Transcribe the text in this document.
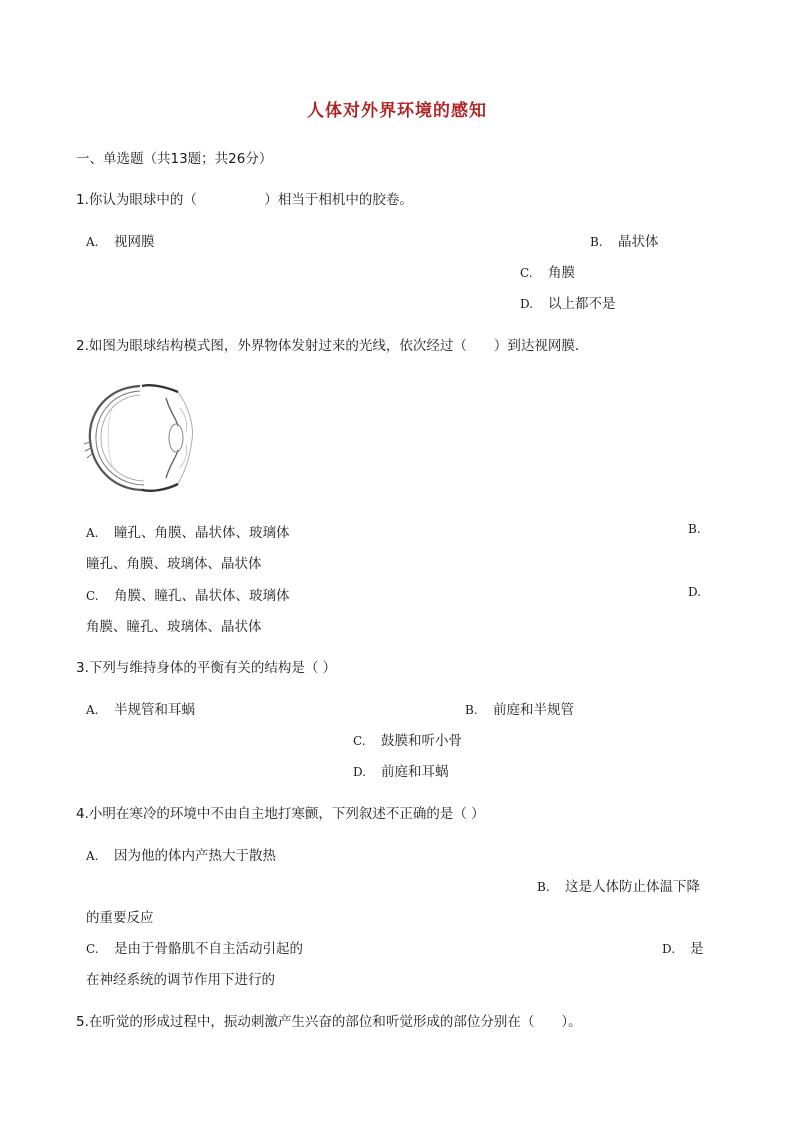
人体对外界环境的感知
一、单选题（共13题；共26分）
1.你认为眼球中的（　　　　　）相当于相机中的胶卷。
A. 视网膜	B. 晶状体
C. 角膜
D. 以上都不是
2.如图为眼球结构模式图，外界物体发射过来的光线，依次经过（　　）到达视网膜．
A. 瞳孔、角膜、晶状体、玻璃体	B.
瞳孔、角膜、玻璃体、晶状体
C. 角膜、瞳孔、晶状体、玻璃体	D.
角膜、瞳孔、玻璃体、晶状体
3.下列与维持身体的平衡有关的结构是（ ）
A. 半规管和耳蜗	B. 前庭和半规管
C. 鼓膜和听小骨
D. 前庭和耳蜗
4.小明在寒冷的环境中不由自主地打寒颤，下列叙述不正确的是（ ）
A. 因为他的体内产热大于散热
B. 这是人体防止体温下降
的重要反应
C. 是由于骨骼肌不自主活动引起的	D. 是
在神经系统的调节作用下进行的
5.在听觉的形成过程中，振动刺激产生兴奋的部位和听觉形成的部位分别在（　　）。
